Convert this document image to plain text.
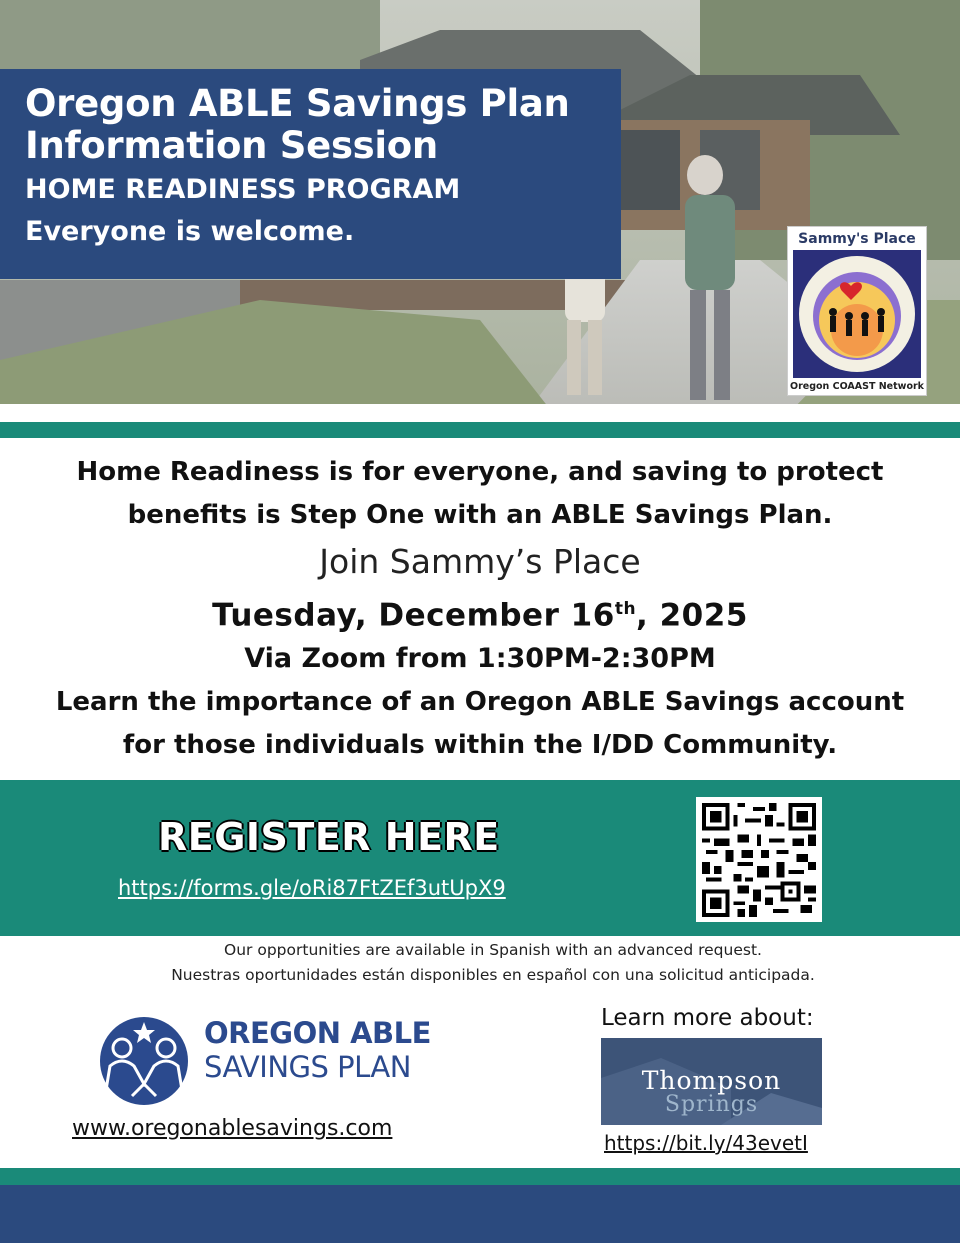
Oregon ABLE Savings Plan
Information Session
HOME READINESS PROGRAM
Everyone is welcome.	Sammy's Place
Oregon COAAST Network
Home Readiness is for everyone, and saving to protect
benefits is Step One with an ABLE Savings Plan.
Join Sammy’s Place
Tuesday, December 16th, 2025
Via Zoom from 1:30PM-2:30PM
Learn the importance of an Oregon ABLE Savings account
for those individuals within the I/DD Community.
REGISTER HERE
https://forms.gle/oRi87FtZEf3utUpX9
Our opportunities are available in Spanish with an advanced request.
Nuestras oportunidades están disponibles en español con una solicitud anticipada.
OREGON ABLE
SAVINGS PLAN
www.oregonablesavings.com
Learn more about:
Thompson
Springs
https://bit.ly/43evetI
